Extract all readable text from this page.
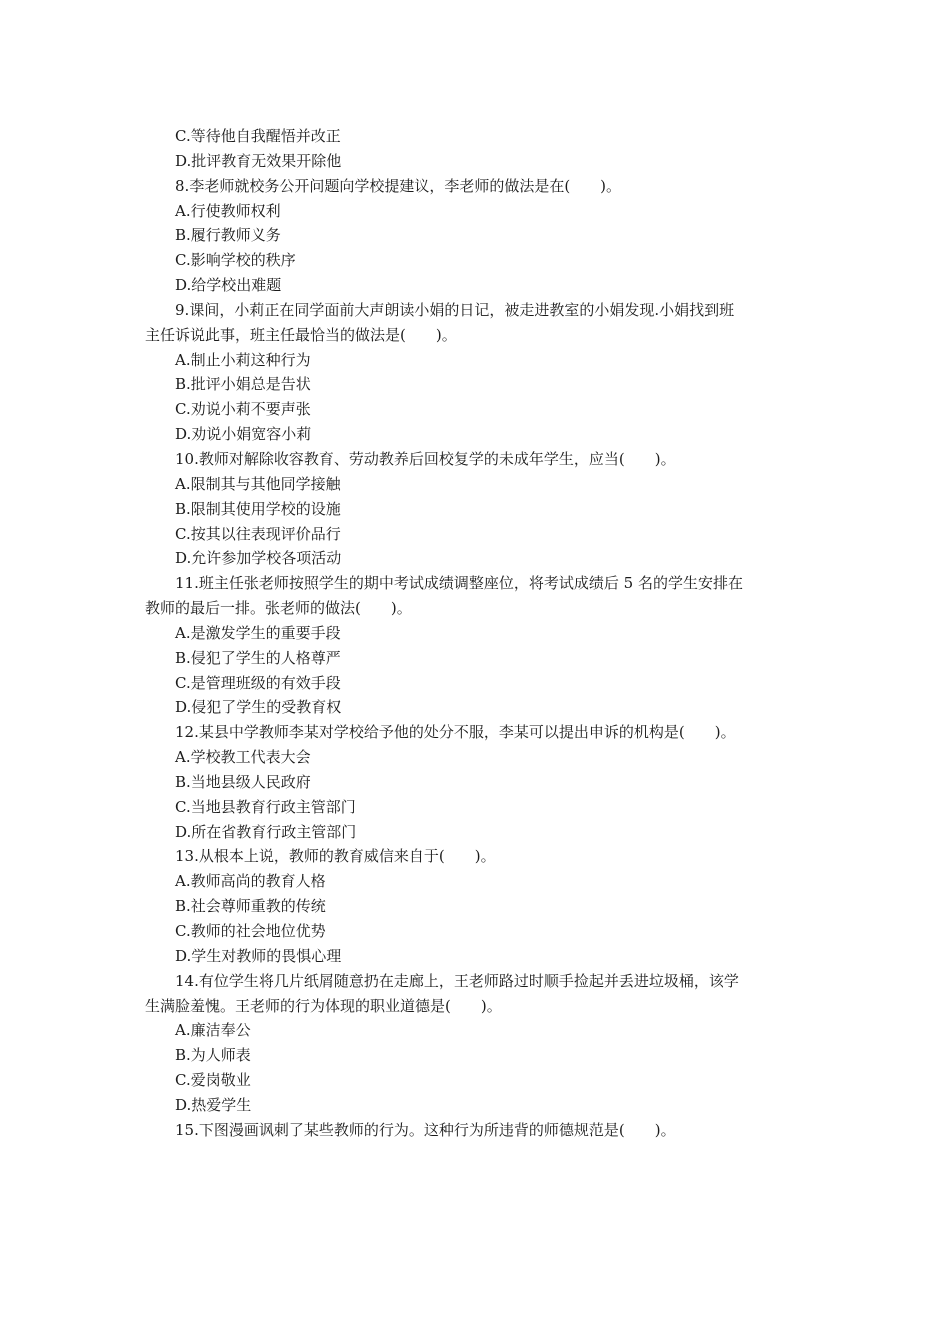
C.等待他自我醒悟并改正
D.批评教育无效果开除他
8.李老师就校务公开问题向学校提建议，李老师的做法是在(　　)。
A.行使教师权利
B.履行教师义务
C.影响学校的秩序
D.给学校出难题
9.课间，小莉正在同学面前大声朗读小娟的日记，被走进教室的小娟发现.小娟找到班
主任诉说此事，班主任最恰当的做法是(　　)。
A.制止小莉这种行为
B.批评小娟总是告状
C.劝说小莉不要声张
D.劝说小娟宽容小莉
10.教师对解除收容教育、劳动教养后回校复学的未成年学生，应当(　　)。
A.限制其与其他同学接触
B.限制其使用学校的设施
C.按其以往表现评价品行
D.允许参加学校各项活动
11.班主任张老师按照学生的期中考试成绩调整座位，将考试成绩后 5 名的学生安排在
教师的最后一排。张老师的做法(　　)。
A.是激发学生的重要手段
B.侵犯了学生的人格尊严
C.是管理班级的有效手段
D.侵犯了学生的受教育权
12.某县中学教师李某对学校给予他的处分不服，李某可以提出申诉的机构是(　　)。
A.学校教工代表大会
B.当地县级人民政府
C.当地县教育行政主管部门
D.所在省教育行政主管部门
13.从根本上说，教师的教育威信来自于(　　)。
A.教师高尚的教育人格
B.社会尊师重教的传统
C.教师的社会地位优势
D.学生对教师的畏惧心理
14.有位学生将几片纸屑随意扔在走廊上，王老师路过时顺手捡起并丢进垃圾桶，该学
生满脸羞愧。王老师的行为体现的职业道德是(　　)。
A.廉洁奉公
B.为人师表
C.爱岗敬业
D.热爱学生
15.下图漫画讽刺了某些教师的行为。这种行为所违背的师德规范是(　　)。
